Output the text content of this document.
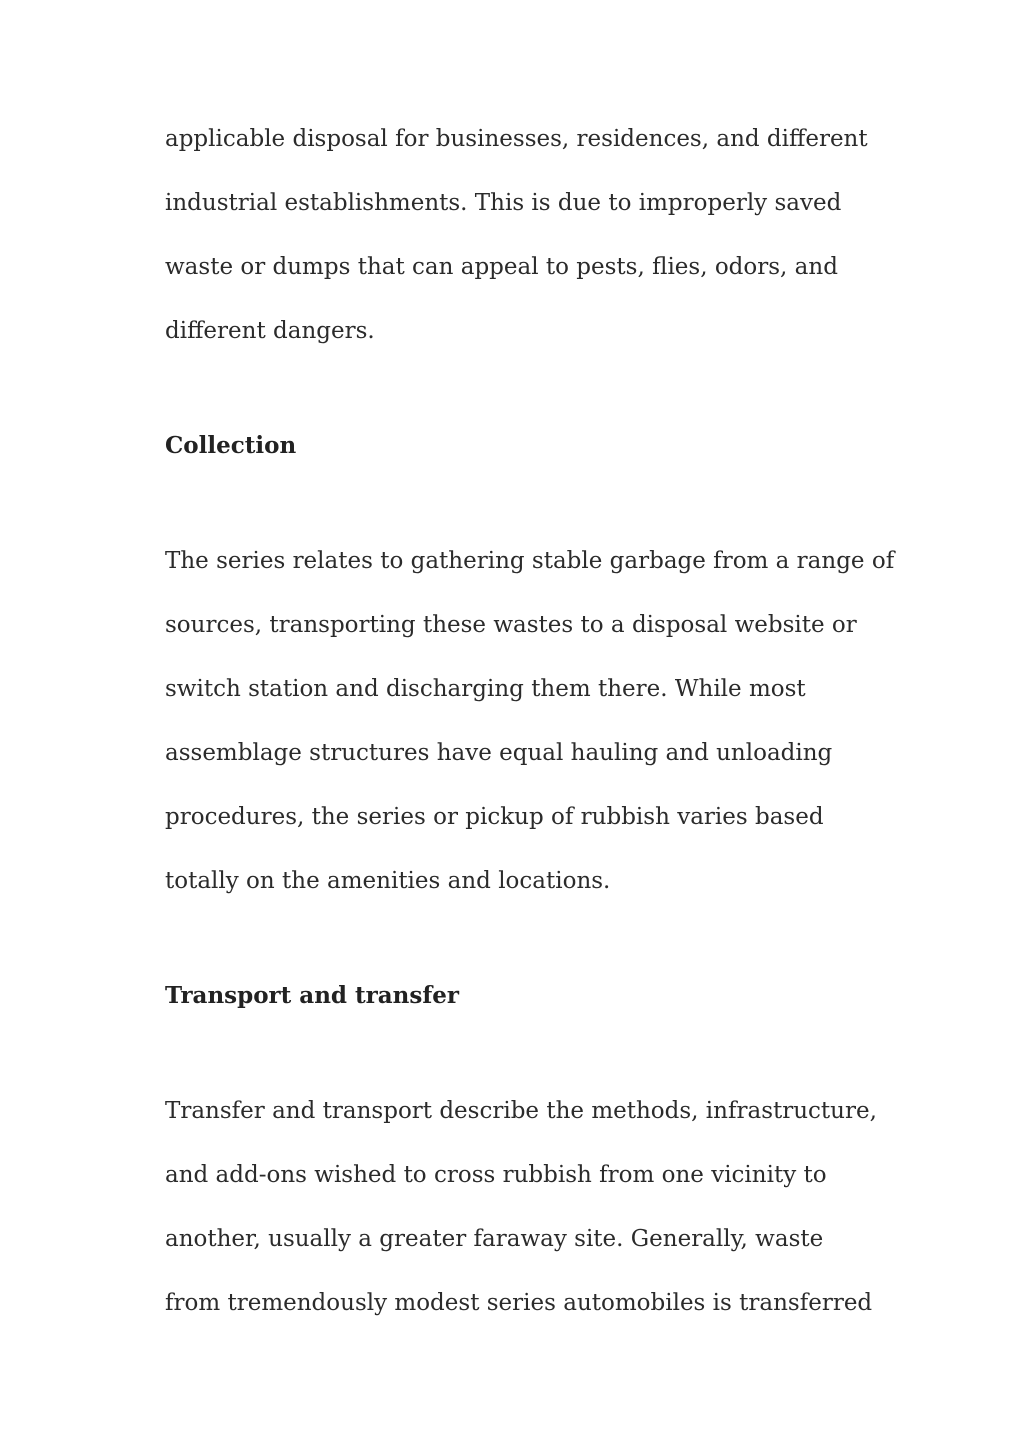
applicable disposal for businesses, residences, and different

industrial establishments. This is due to improperly saved

waste or dumps that can appeal to pests, flies, odors, and

different dangers.

Collection

The series relates to gathering stable garbage from a range of

sources, transporting these wastes to a disposal website or

switch station and discharging them there. While most

assemblage structures have equal hauling and unloading

procedures, the series or pickup of rubbish varies based

totally on the amenities and locations.

Transport and transfer

Transfer and transport describe the methods, infrastructure,

and add-ons wished to cross rubbish from one vicinity to

another, usually a greater faraway site. Generally, waste

from tremendously modest series automobiles is transferred
